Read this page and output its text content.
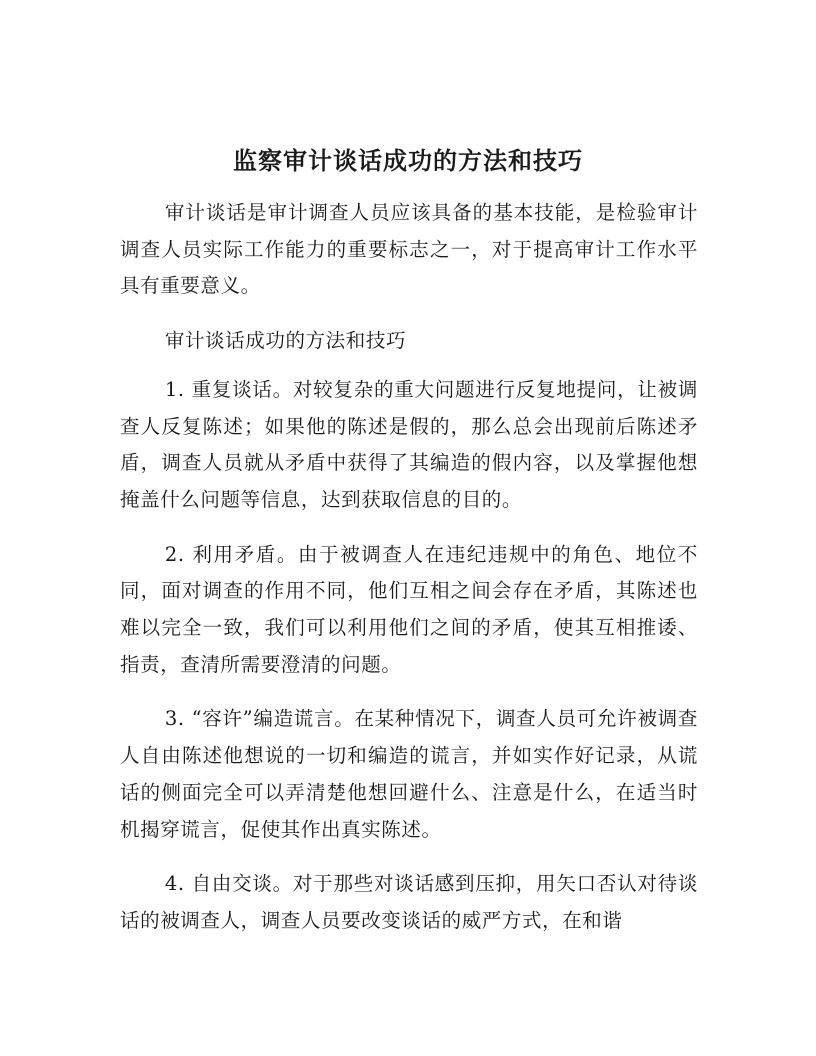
监察审计谈话成功的方法和技巧

审计谈话是审计调查人员应该具备的基本技能，是检验审计调查人员实际工作能力的重要标志之一，对于提高审计工作水平具有重要意义。

审计谈话成功的方法和技巧

1. 重复谈话。对较复杂的重大问题进行反复地提问，让被调查人反复陈述；如果他的陈述是假的，那么总会出现前后陈述矛盾，调查人员就从矛盾中获得了其编造的假内容，以及掌握他想掩盖什么问题等信息，达到获取信息的目的。

2. 利用矛盾。由于被调查人在违纪违规中的角色、地位不同，面对调查的作用不同，他们互相之间会存在矛盾，其陈述也难以完全一致，我们可以利用他们之间的矛盾，使其互相推诿、指责，查清所需要澄清的问题。

3. “容许”编造谎言。在某种情况下，调查人员可允许被调查人自由陈述他想说的一切和编造的谎言，并如实作好记录，从谎话的侧面完全可以弄清楚他想回避什么、注意是什么，在适当时机揭穿谎言，促使其作出真实陈述。

4. 自由交谈。对于那些对谈话感到压抑，用矢口否认对待谈话的被调查人，调查人员要改变谈话的威严方式，在和谐
